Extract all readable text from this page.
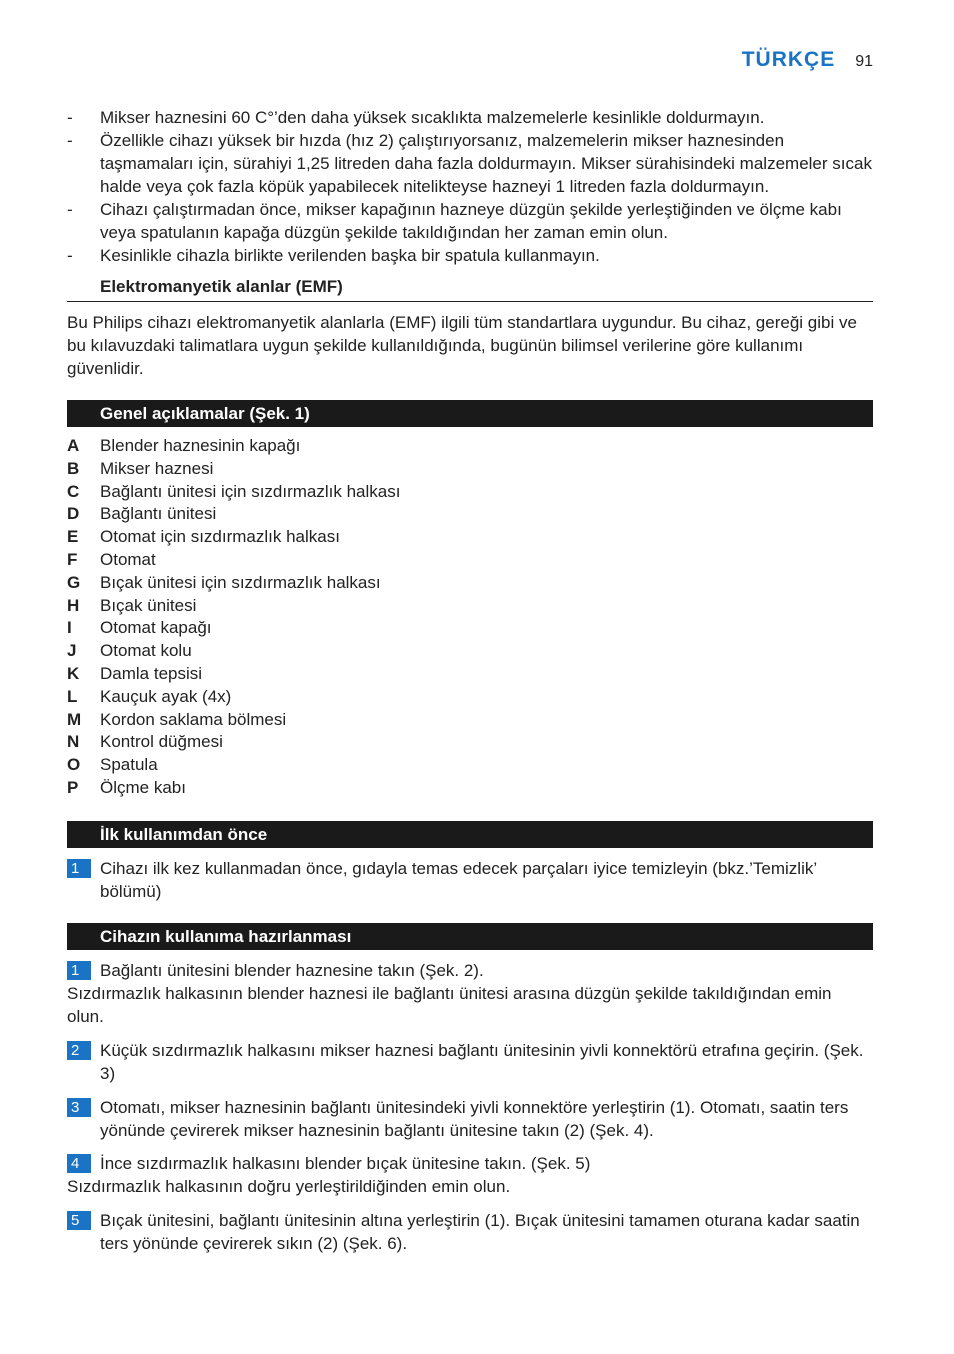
TÜRKÇE 91
-	Mikser haznesini 60 C°’den daha yüksek sıcaklıkta malzemelerle kesinlikle doldurmayın.
-	Özellikle cihazı yüksek bir hızda (hız 2) çalıştırıyorsanız, malzemelerin mikser haznesinden taşmamaları için, sürahiyi 1,25 litreden daha fazla doldurmayın. Mikser sürahisindeki malzemeler sıcak halde veya çok fazla köpük yapabilecek nitelikteyse hazneyi 1 litreden fazla doldurmayın.
-	Cihazı çalıştırmadan önce, mikser kapağının hazneye düzgün şekilde yerleştiğinden ve ölçme kabı veya spatulanın kapağa düzgün şekilde takıldığından her zaman emin olun.
-	Kesinlikle cihazla birlikte verilenden başka bir spatula kullanmayın.
Elektromanyetik alanlar (EMF)
Bu Philips cihazı elektromanyetik alanlarla (EMF) ilgili tüm standartlara uygundur. Bu cihaz, gereği gibi ve bu kılavuzdaki talimatlara uygun şekilde kullanıldığında, bugünün bilimsel verilerine göre kullanımı güvenlidir.
Genel açıklamalar (Şek. 1)
A	Blender haznesinin kapağı
B	Mikser haznesi
C	Bağlantı ünitesi için sızdırmazlık halkası
D	Bağlantı ünitesi
E	Otomat için sızdırmazlık halkası
F	Otomat
G	Bıçak ünitesi için sızdırmazlık halkası
H	Bıçak ünitesi
I	Otomat kapağı
J	Otomat kolu
K	Damla tepsisi
L	Kauçuk ayak (4x)
M	Kordon saklama bölmesi
N	Kontrol düğmesi
O	Spatula
P	Ölçme kabı
İlk kullanımdan önce
1	Cihazı ilk kez kullanmadan önce, gıdayla temas edecek parçaları iyice temizleyin (bkz.’Temizlik’ bölümü)
Cihazın kullanıma hazırlanması
1	Bağlantı ünitesini blender haznesine takın (Şek. 2).
Sızdırmazlık halkasının blender haznesi ile bağlantı ünitesi arasına düzgün şekilde takıldığından emin olun.
2	Küçük sızdırmazlık halkasını mikser haznesi bağlantı ünitesinin yivli konnektörü etrafına geçirin. (Şek. 3)
3	Otomatı, mikser haznesinin bağlantı ünitesindeki yivli konnektöre yerleştirin (1). Otomatı, saatin ters yönünde çevirerek mikser haznesinin bağlantı ünitesine takın (2) (Şek. 4).
4	İnce sızdırmazlık halkasını blender bıçak ünitesine takın. (Şek. 5)
Sızdırmazlık halkasının doğru yerleştirildiğinden emin olun.
5	Bıçak ünitesini, bağlantı ünitesinin altına yerleştirin (1). Bıçak ünitesini tamamen oturana kadar saatin ters yönünde çevirerek sıkın (2) (Şek. 6).
